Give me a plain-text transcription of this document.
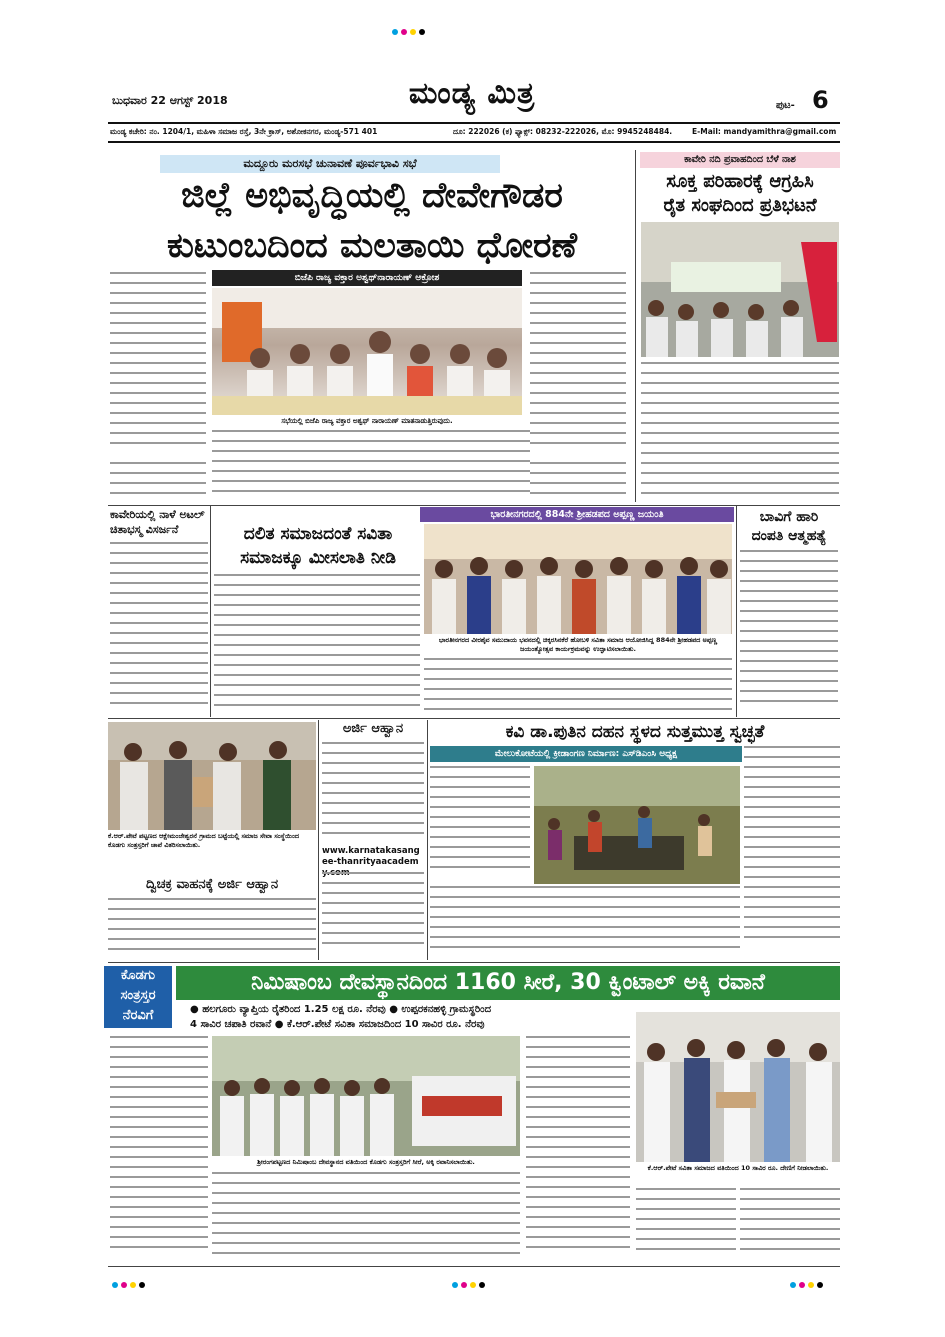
ಬುಧವಾರ 22 ಆಗಸ್ಟ್ 2018	ಮಂಡ್ಯ ಮಿತ್ರ	ಪುಟ- 6
ಮಂಡ್ಯ ಕಚೇರಿ: ನಂ. 1204/1, ಮಹಿಳಾ ಸಮಾಜ ರಸ್ತೆ, 3ನೇ ಕ್ರಾಸ್, ಅಶೋಕನಗರ, ಮಂಡ್ಯ-571 401	ದೂ: 222026 (ಕ) ಫ್ಯಾಕ್ಸ್: 08232-222026, ಮೊ: 9945248484.	E-Mail: mandyamithra@gmail.com
ಮದ್ದೂರು ಮರಸಭೆ ಚುನಾವಣೆ ಪೂರ್ವಭಾವಿ ಸಭೆ
ಜಿಲ್ಲೆ ಅಭಿವೃದ್ಧಿಯಲ್ಲಿ ದೇವೇಗೌಡರ
ಕುಟುಂಬದಿಂದ ಮಲತಾಯಿ ಧೋರಣೆ
ಬಿಜೆಪಿ ರಾಜ್ಯ ವಕ್ತಾರ ಅಶ್ವಥ್‌ನಾರಾಯಣ್ ಆಕ್ರೋಶ
ಸಭೆಯಲ್ಲಿ ಬಿಜೆಪಿ ರಾಜ್ಯ ವಕ್ತಾರ ಅಶ್ವಥ್ ನಾರಾಯಣ್ ಮಾತನಾಡುತ್ತಿರುವುದು.
ಕಾವೇರಿ ನದಿ ಪ್ರವಾಹದಿಂದ ಬೆಳೆ ನಾಶ
ಸೂಕ್ತ ಪರಿಹಾರಕ್ಕೆ ಆಗ್ರಹಿಸಿ
ರೈತ ಸಂಘದಿಂದ ಪ್ರತಿಭಟನೆ
ಕಾವೇರಿಯಲ್ಲಿ ನಾಳೆ ಅಟಲ್
ಚಿತಾಭಸ್ಮ ವಿಸರ್ಜನೆ
ಭಾರತೀನಗರದಲ್ಲಿ 884ನೇ ಶ್ರೀಹಡಪದ ಅಪ್ಪಣ್ಣ ಜಯಂತಿ
ದಲಿತ ಸಮಾಜದಂತೆ ಸವಿತಾ
ಸಮಾಜಕ್ಕೂ ಮೀಸಲಾತಿ ನೀಡಿ
ಭಾರತೀನಗರದ ವೀರಶೈವ ಸಮುದಾಯ ಭವನದಲ್ಲಿ ಚಿಕ್ಕರಸಿನಕೆರೆ ಹೋಬಳಿ ಸವಿತಾ ಸಮಾಜ ಆಯೋಜಿಸಿದ್ದ 884ನೇ ಶ್ರೀಹಡಪದ ಅಪ್ಪಣ್ಣ ಜಯಂತ್ಯೋತ್ಸವ ಕಾರ್ಯಕ್ರಮವನ್ನು ಉದ್ಘಾಟಿಸಲಾಯಿತು.
ಬಾವಿಗೆ ಹಾರಿ
ದಂಪತಿ ಆತ್ಮಹತ್ಯೆ
ಕೆ.ಆರ್.ಪೇಟೆ ಪಟ್ಟಣದ ಆಕ್ಷೇಮಂಜೇಶ್ವರನೆ ಗ್ರಾಮದ ಬಟ್ಟೆಯಲ್ಲಿ ಸಮಾಜ ಸೇವಾ ಸಂಸ್ಥೆಯಿಂದ ಕೊಡಗು ಸಂತ್ರಸ್ತರಿಗೆ ಚಾಪೆ ವಿತರಿಸಲಾಯಿತು.
ದ್ವಿಚಕ್ರ ವಾಹನಕ್ಕೆ ಅರ್ಜಿ ಆಹ್ವಾನ
ಅರ್ಜಿ ಆಹ್ವಾನ
www.karnatakasangee-thanrityaacadem
ಕವಿ ಡಾ.ಪುತಿನ ದಹನ ಸ್ಥಳದ ಸುತ್ತಮುತ್ತ ಸ್ವಚ್ಛತೆ
ಮೇಲುಕೋಟೆಯಲ್ಲಿ ಕ್ರೀಡಾಂಗಣ ನಿರ್ಮಾಣ: ಎಸ್‌ಡಿಎಂಸಿ ಅಧ್ಯಕ್ಷ
ಕೊಡಗು
ಸಂತ್ರಸ್ತರ
ನೆರವಿಗೆ
ನಿಮಿಷಾಂಬ ದೇವಸ್ಥಾನದಿಂದ 1160 ಸೀರೆ, 30 ಕ್ವಿಂಟಾಲ್ ಅಕ್ಕಿ ರವಾನೆ
● ಹಲಗೂರು ವ್ಯಾಪ್ತಿಯ ರೈತರಿಂದ 1.25 ಲಕ್ಷ ರೂ. ನೆರವು ● ಉಪ್ಪರಕನಹಳ್ಳಿ ಗ್ರಾಮಸ್ಥರಿಂದ
4 ಸಾವಿರ ಚಪಾತಿ ರವಾನೆ ● ಕೆ.ಆರ್.ಪೇಟೆ ಸವಿತಾ ಸಮಾಜದಿಂದ 10 ಸಾವಿರ ರೂ. ನೆರವು
ಶ್ರೀರಂಗಪಟ್ಟಣದ ನಿಮಿಷಾಂಬ ದೇವಸ್ಥಾನದ ವತಿಯಿಂದ ಕೊಡಗು ಸಂತ್ರಸ್ತರಿಗೆ ಸೀರೆ, ಅಕ್ಕಿ ರವಾನಿಸಲಾಯಿತು.
ಕೆ.ಆರ್.ಪೇಟೆ ಸವಿತಾ ಸಮಾಜದ ವತಿಯಿಂದ 10 ಸಾವಿರ ರೂ. ದೇಣಿಗೆ ನೀಡಲಾಯಿತು.
